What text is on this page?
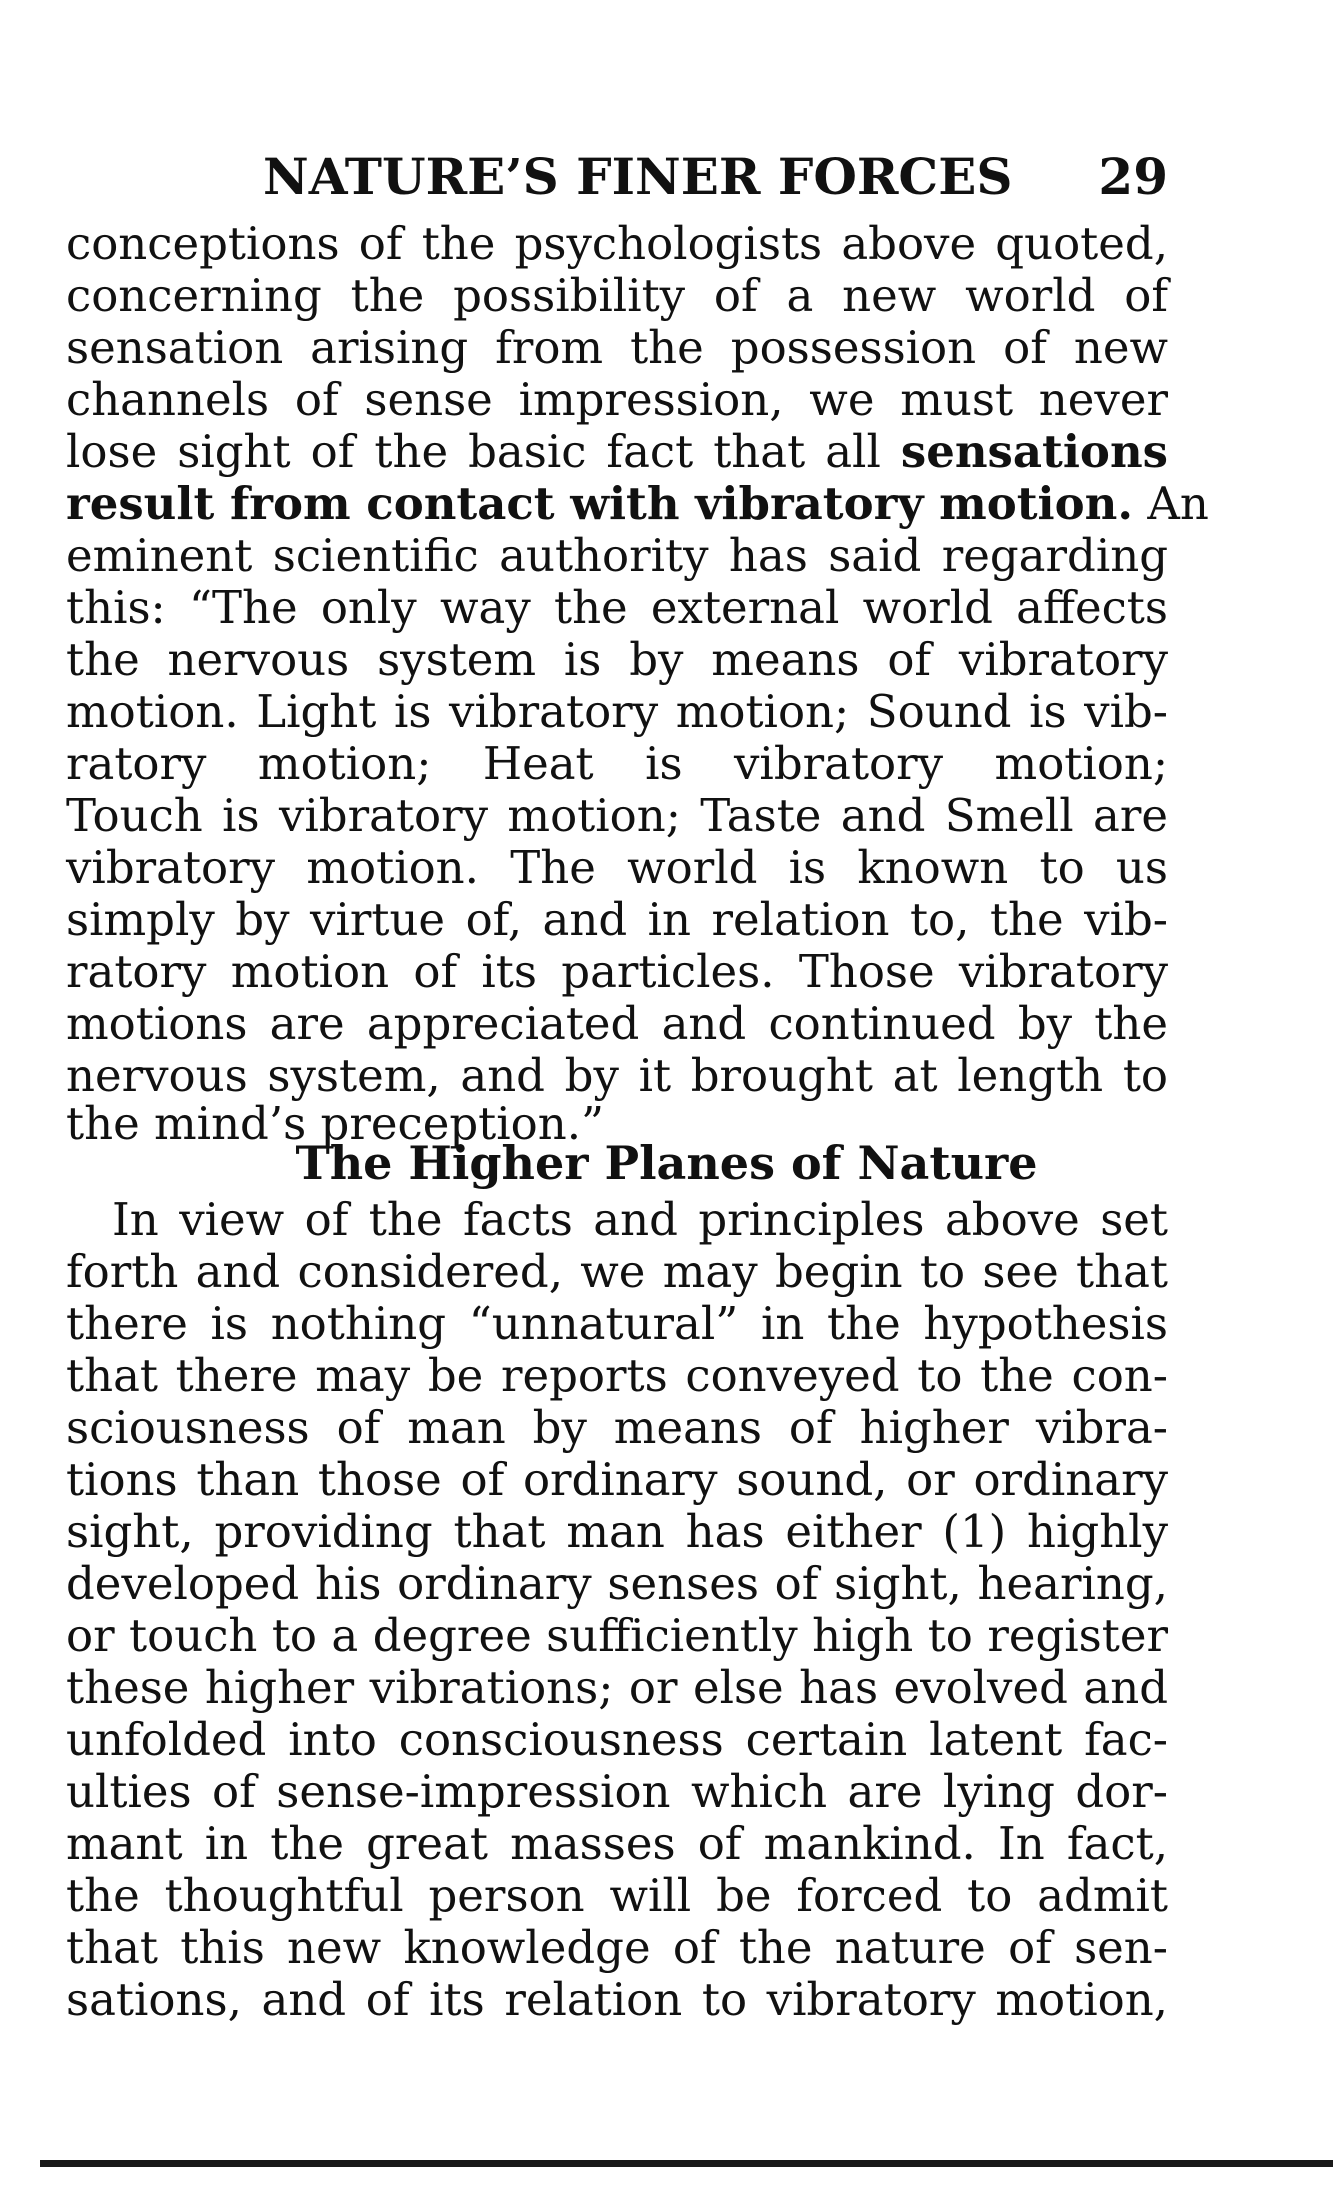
NATURE’S FINER FORCES 29
conceptions of the psychologists above quoted,
concerning the possibility of a new world of
sensation arising from the possession of new
channels of sense impression, we must never
lose sight of the basic fact that all sensations
result from contact with vibratory motion. An
eminent scientific authority has said regarding
this: “The only way the external world affects
the nervous system is by means of vibratory
motion. Light is vibratory motion; Sound is vib-
ratory motion; Heat is vibratory motion;
Touch is vibratory motion; Taste and Smell are
vibratory motion. The world is known to us
simply by virtue of, and in relation to, the vib-
ratory motion of its particles. Those vibratory
motions are appreciated and continued by the
nervous system, and by it brought at length to
the mind’s preception.”
The Higher Planes of Nature
In view of the facts and principles above set
forth and considered, we may begin to see that
there is nothing “unnatural” in the hypothesis
that there may be reports conveyed to the con-
sciousness of man by means of higher vibra-
tions than those of ordinary sound, or ordinary
sight, providing that man has either (1) highly
developed his ordinary senses of sight, hearing,
or touch to a degree sufficiently high to register
these higher vibrations; or else has evolved and
unfolded into consciousness certain latent fac-
ulties of sense-impression which are lying dor-
mant in the great masses of mankind. In fact,
the thoughtful person will be forced to admit
that this new knowledge of the nature of sen-
sations, and of its relation to vibratory motion,
